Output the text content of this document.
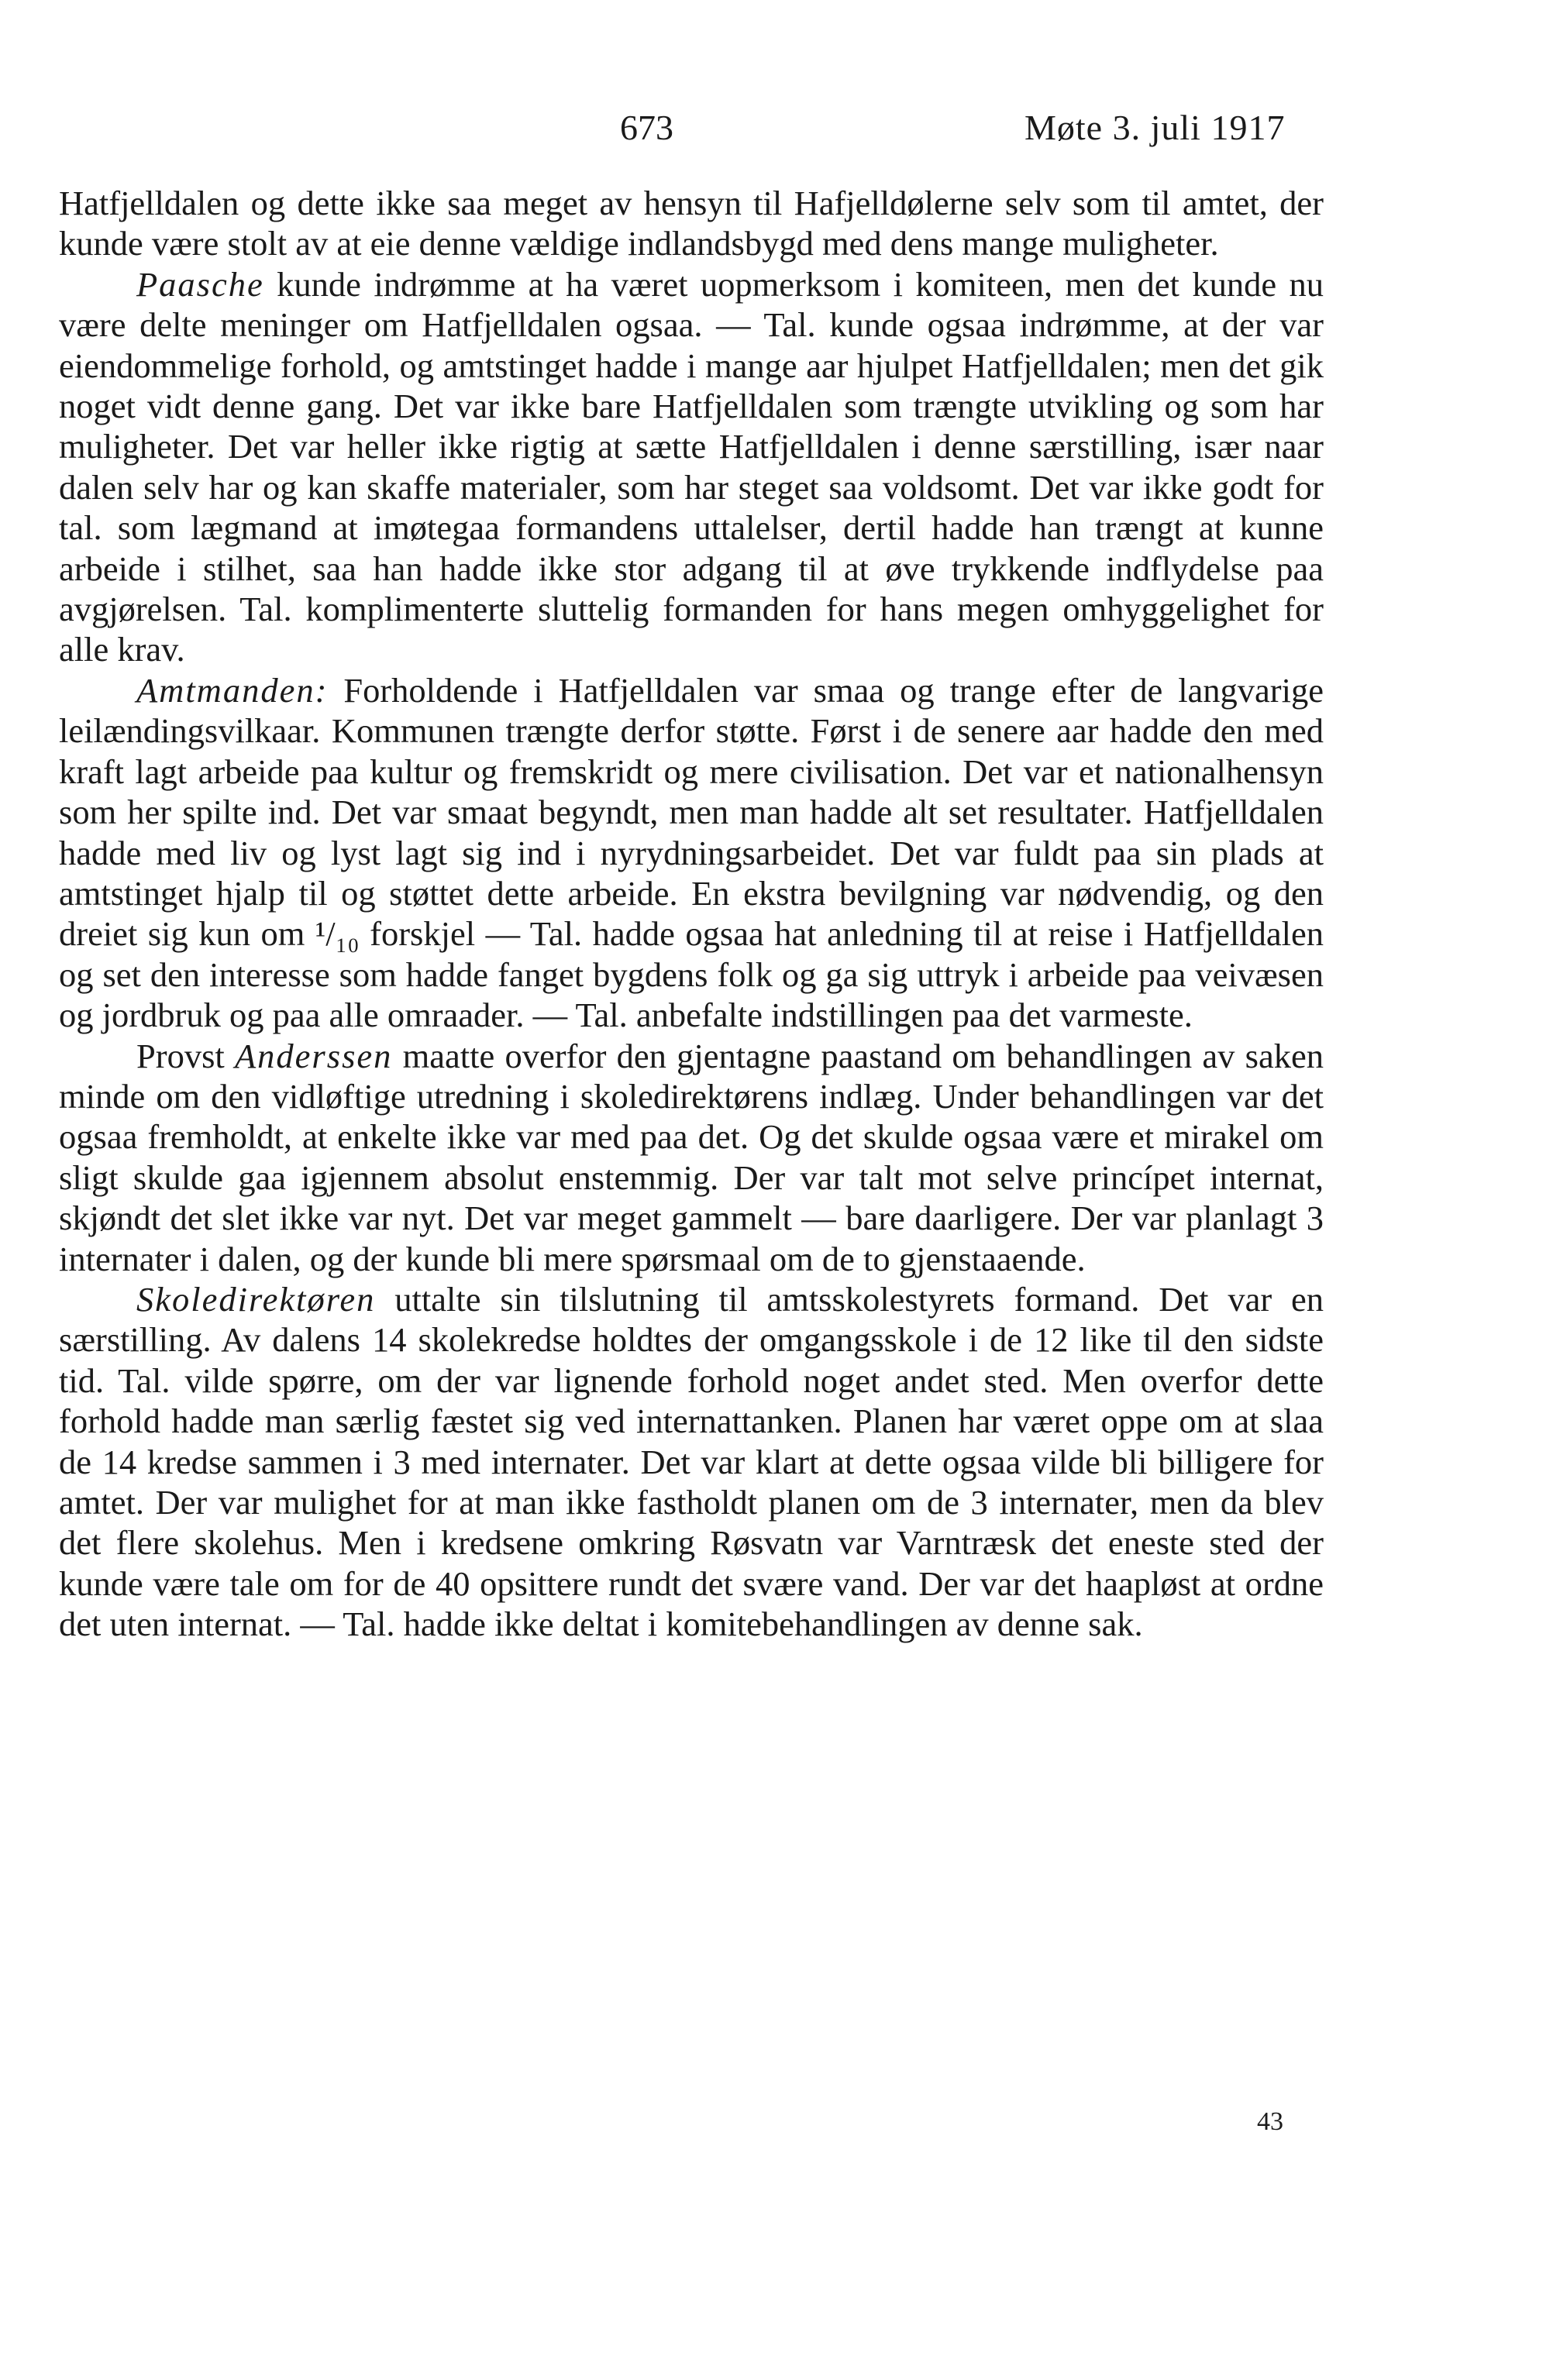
673	Møte 3. juli 1917

Hatfjelldalen og dette ikke saa meget av hensyn til Hafjelldølerne selv som til amtet, der kunde være stolt av at eie denne vældige indlandsbygd med dens mange muligheter.

Paasche kunde indrømme at ha været uopmerksom i komiteen, men det kunde nu være delte meninger om Hatfjelldalen ogsaa. — Tal. kunde ogsaa indrømme, at der var eiendommelige forhold, og amtstinget hadde i mange aar hjulpet Hatfjelldalen; men det gik noget vidt denne gang. Det var ikke bare Hatfjelldalen som trængte utvikling og som har muligheter. Det var heller ikke rigtig at sætte Hatfjelldalen i denne særstilling, især naar dalen selv har og kan skaffe materialer, som har steget saa voldsomt. Det var ikke godt for tal. som lægmand at imøtegaa formandens uttalelser, dertil hadde han trængt at kunne arbeide i stilhet, saa han hadde ikke stor adgang til at øve trykkende indflydelse paa avgjørelsen. Tal. komplimenterte sluttelig formanden for hans megen omhyggelighet for alle krav.

Amtmanden: Forholdende i Hatfjelldalen var smaa og trange efter de langvarige leilændingsvilkaar. Kommunen trængte derfor støtte. Først i de senere aar hadde den med kraft lagt arbeide paa kultur og fremskridt og mere civilisation. Det var et nationalhensyn som her spilte ind. Det var smaat begyndt, men man hadde alt set resultater. Hatfjelldalen hadde med liv og lyst lagt sig ind i nyrydningsarbeidet. Det var fuldt paa sin plads at amtstinget hjalp til og støttet dette arbeide. En ekstra bevilgning var nødvendig, og den dreiet sig kun om ¹/₁₀ forskjel — Tal. hadde ogsaa hat anledning til at reise i Hatfjelldalen og set den interesse som hadde fanget bygdens folk og ga sig uttryk i arbeide paa veivæsen og jordbruk og paa alle omraader. — Tal. anbefalte indstillingen paa det varmeste.

Provst Anderssen maatte overfor den gjentagne paastand om behandlingen av saken minde om den vidløftige utredning i skoledirektørens indlæg. Under behandlingen var det ogsaa fremholdt, at enkelte ikke var med paa det. Og det skulde ogsaa være et mirakel om sligt skulde gaa igjennem absolut enstemmig. Der var talt mot selve princípet internat, skjøndt det slet ikke var nyt. Det var meget gammelt — bare daarligere. Der var planlagt 3 internater i dalen, og der kunde bli mere spørsmaal om de to gjenstaaende.

Skoledirektøren uttalte sin tilslutning til amtsskolestyrets formand. Det var en særstilling. Av dalens 14 skolekredse holdtes der omgangsskole i de 12 like til den sidste tid. Tal. vilde spørre, om der var lignende forhold noget andet sted. Men overfor dette forhold hadde man særlig fæstet sig ved internattanken. Planen har været oppe om at slaa de 14 kredse sammen i 3 med internater. Det var klart at dette ogsaa vilde bli billigere for amtet. Der var mulighet for at man ikke fastholdt planen om de 3 internater, men da blev det flere skolehus. Men i kredsene omkring Røsvatn var Varntræsk det eneste sted der kunde være tale om for de 40 opsittere rundt det svære vand. Der var det haapløst at ordne det uten internat. — Tal. hadde ikke deltat i komitebehandlingen av denne sak.

43
